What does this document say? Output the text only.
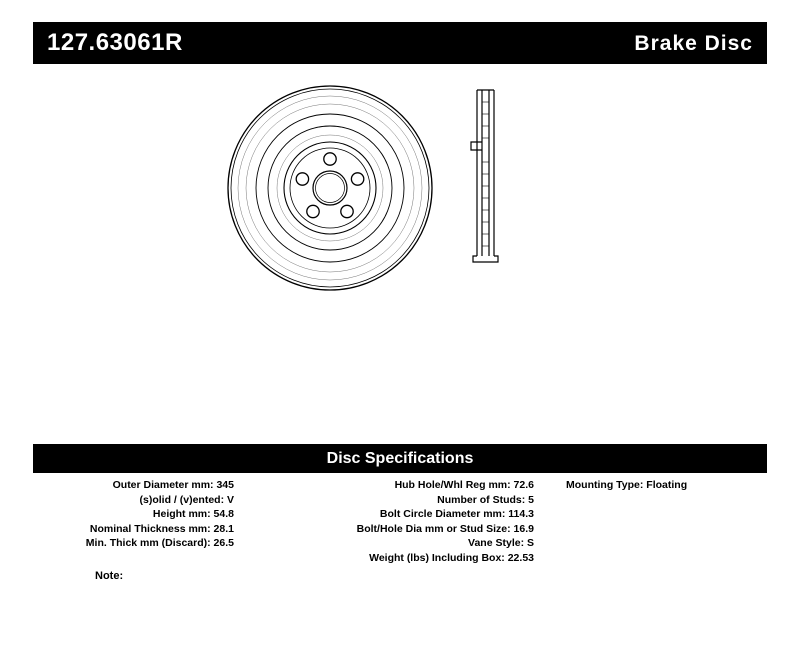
127.63061R	Brake Disc
Disc Specifications
Outer Diameter mm: 345
(s)olid / (v)ented: V
Height mm: 54.8
Nominal Thickness mm: 28.1
Min. Thick mm (Discard): 26.5
Hub Hole/Whl Reg mm: 72.6
Number of Studs: 5
Bolt Circle Diameter mm: 114.3
Bolt/Hole Dia mm or Stud Size: 16.9
Vane Style: S
Weight (lbs) Including Box: 22.53
Mounting Type: Floating
Note:
